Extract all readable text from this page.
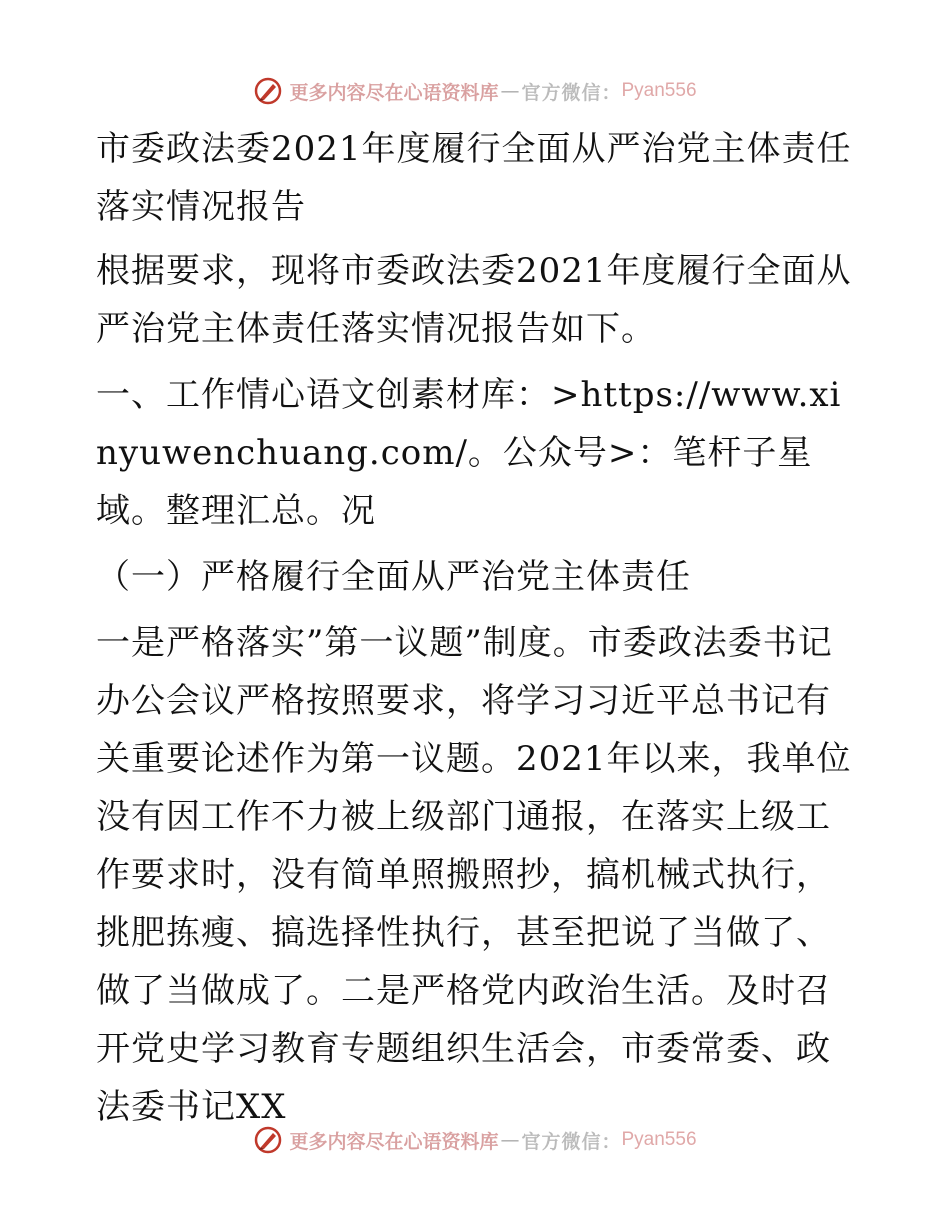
更多内容尽在心语资料库 — 官方微信： Pyan556

市委政法委2021年度履行全面从严治党主体责任落实情况报告

根据要求，现将市委政法委2021年度履行全面从严治党主体责任落实情况报告如下。

一、工作情心语文创素材库：>https://www.xinyuwenchuang.com/。公众号>：笔杆子星域。整理汇总。况

（一）严格履行全面从严治党主体责任

一是严格落实”第一议题”制度。市委政法委书记办公会议严格按照要求，将学习习近平总书记有关重要论述作为第一议题。2021年以来，我单位没有因工作不力被上级部门通报，在落实上级工作要求时，没有简单照搬照抄，搞机械式执行，挑肥拣瘦、搞选择性执行，甚至把说了当做了、做了当做成了。二是严格党内政治生活。及时召开党史学习教育专题组织生活会，市委常委、政法委书记XX

更多内容尽在心语资料库 — 官方微信： Pyan556
